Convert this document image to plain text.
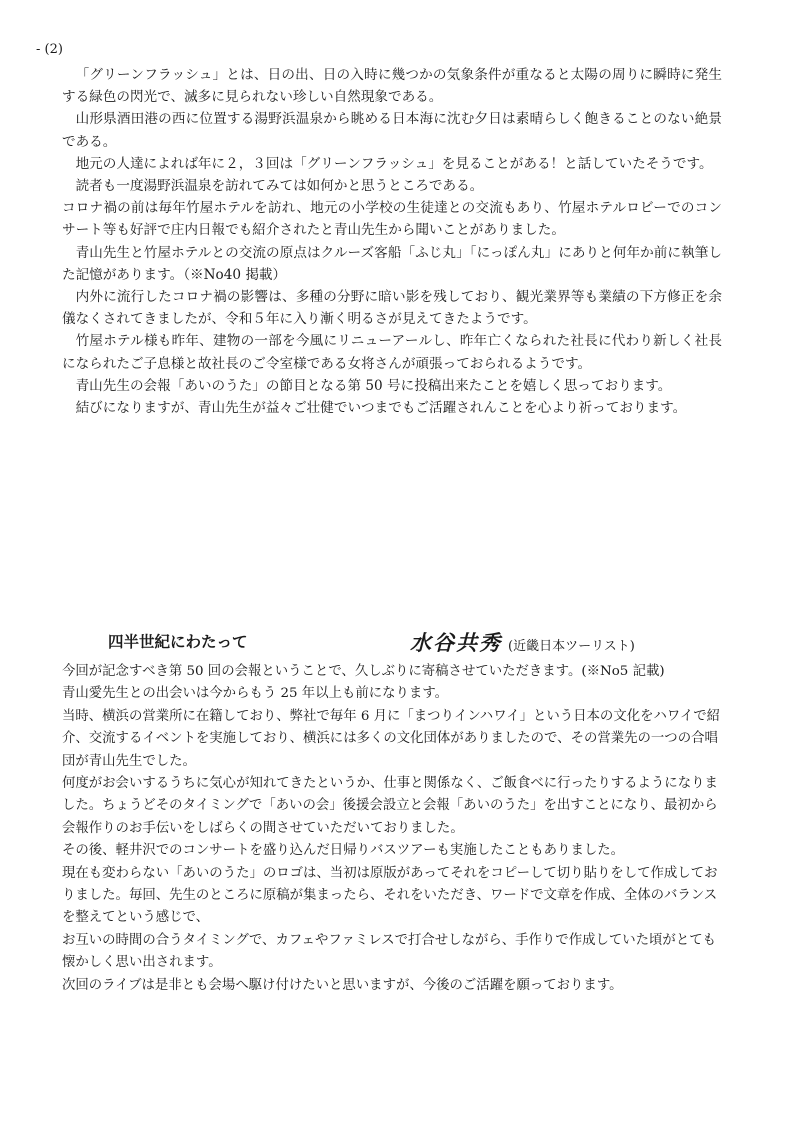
- (2)

「グリーンフラッシュ」とは、日の出、日の入時に幾つかの気象条件が重なると太陽の周りに瞬時に発生する緑色の閃光で、滅多に見られない珍しい自然現象である。

山形県酒田港の西に位置する湯野浜温泉から眺める日本海に沈む夕日は素晴らしく飽きることのない絶景である。

地元の人達によれば年に２，３回は「グリーンフラッシュ」を見ることがある！と話していたそうです。

読者も一度湯野浜温泉を訪れてみては如何かと思うところである。

コロナ禍の前は毎年竹屋ホテルを訪れ、地元の小学校の生徒達との交流もあり、竹屋ホテルロビーでのコンサート等も好評で庄内日報でも紹介されたと青山先生から聞いことがありました。

青山先生と竹屋ホテルとの交流の原点はクルーズ客船「ふじ丸」「にっぽん丸」にありと何年か前に執筆した記憶があります。（※No40 掲載）

内外に流行したコロナ禍の影響は、多種の分野に暗い影を残しており、観光業界等も業績の下方修正を余儀なくされてきましたが、令和５年に入り漸く明るさが見えてきたようです。

竹屋ホテル様も昨年、建物の一部を今風にリニューアールし、昨年亡くなられた社長に代わり新しく社長になられたご子息様と故社長のご令室様である女将さんが頑張っておられるようです。

青山先生の会報「あいのうた」の節目となる第 50 号に投稿出来たことを嬉しく思っております。

結びになりますが、青山先生が益々ご壮健でいつまでもご活躍されんことを心より祈っております。

四半世紀にわたって	水谷共秀 (近畿日本ツーリスト)

今回が記念すべき第 50 回の会報ということで、久しぶりに寄稿させていただきます。(※No5 記載)

青山愛先生との出会いは今からもう 25 年以上も前になります。

当時、横浜の営業所に在籍しており、弊社で毎年 6 月に「まつりインハワイ」という日本の文化をハワイで紹介、交流するイベントを実施しており、横浜には多くの文化団体がありましたので、その営業先の一つの合唱団が青山先生でした。

何度がお会いするうちに気心が知れてきたというか、仕事と関係なく、ご飯食べに行ったりするようになりました。ちょうどそのタイミングで「あいの会」後援会設立と会報「あいのうた」を出すことになり、最初から会報作りのお手伝いをしばらくの間させていただいておりました。

その後、軽井沢でのコンサートを盛り込んだ日帰りバスツアーも実施したこともありました。

現在も変わらない「あいのうた」のロゴは、当初は原版があってそれをコピーして切り貼りをして作成しておりました。毎回、先生のところに原稿が集まったら、それをいただき、ワードで文章を作成、全体のバランスを整えてという感じで、

お互いの時間の合うタイミングで、カフェやファミレスで打合せしながら、手作りで作成していた頃がとても懐かしく思い出されます。

次回のライブは是非とも会場へ駆け付けたいと思いますが、今後のご活躍を願っております。
